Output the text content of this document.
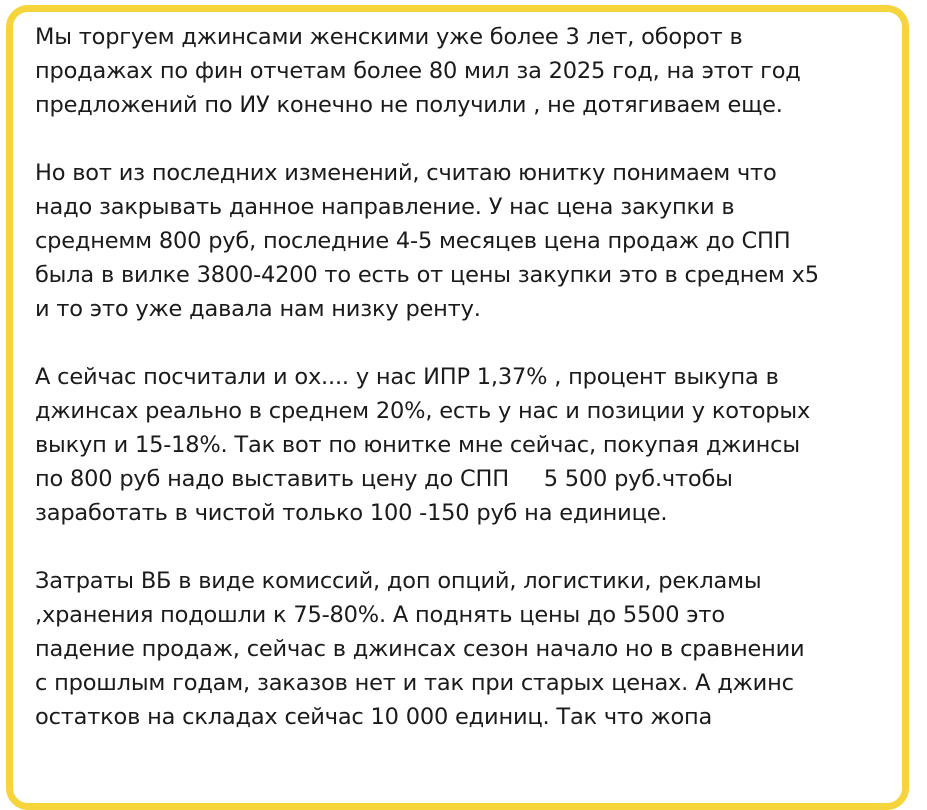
Мы торгуем джинсами женскими уже более 3 лет, оборот в
продажах по фин отчетам более 80 мил за 2025 год, на этот год
предложений по ИУ конечно не получили , не дотягиваем еще.

Но вот из последних изменений, считаю юнитку понимаем что
надо закрывать данное направление. У нас цена закупки в
среднемм 800 руб, последние 4-5 месяцев цена продаж до СПП
была в вилке 3800-4200 то есть от цены закупки это в среднем х5
и то это уже давала нам низку ренту.

А сейчас посчитали и ох.... у нас ИПР 1,37% , процент выкупа в
джинсах реально в среднем 20%, есть у нас и позиции у которых
выкуп и 15-18%. Так вот по юнитке мне сейчас, покупая джинсы
по 800 руб надо выставить цену до СПП     5 500 руб.чтобы
заработать в чистой только 100 -150 руб на единице.

Затраты ВБ в виде комиссий, доп опций, логистики, рекламы
,хранения подошли к 75-80%. А поднять цены до 5500 это
падение продаж, сейчас в джинсах сезон начало но в сравнении
с прошлым годам, заказов нет и так при старых ценах. А джинс
остатков на складах сейчас 10 000 единиц. Так что жопа
